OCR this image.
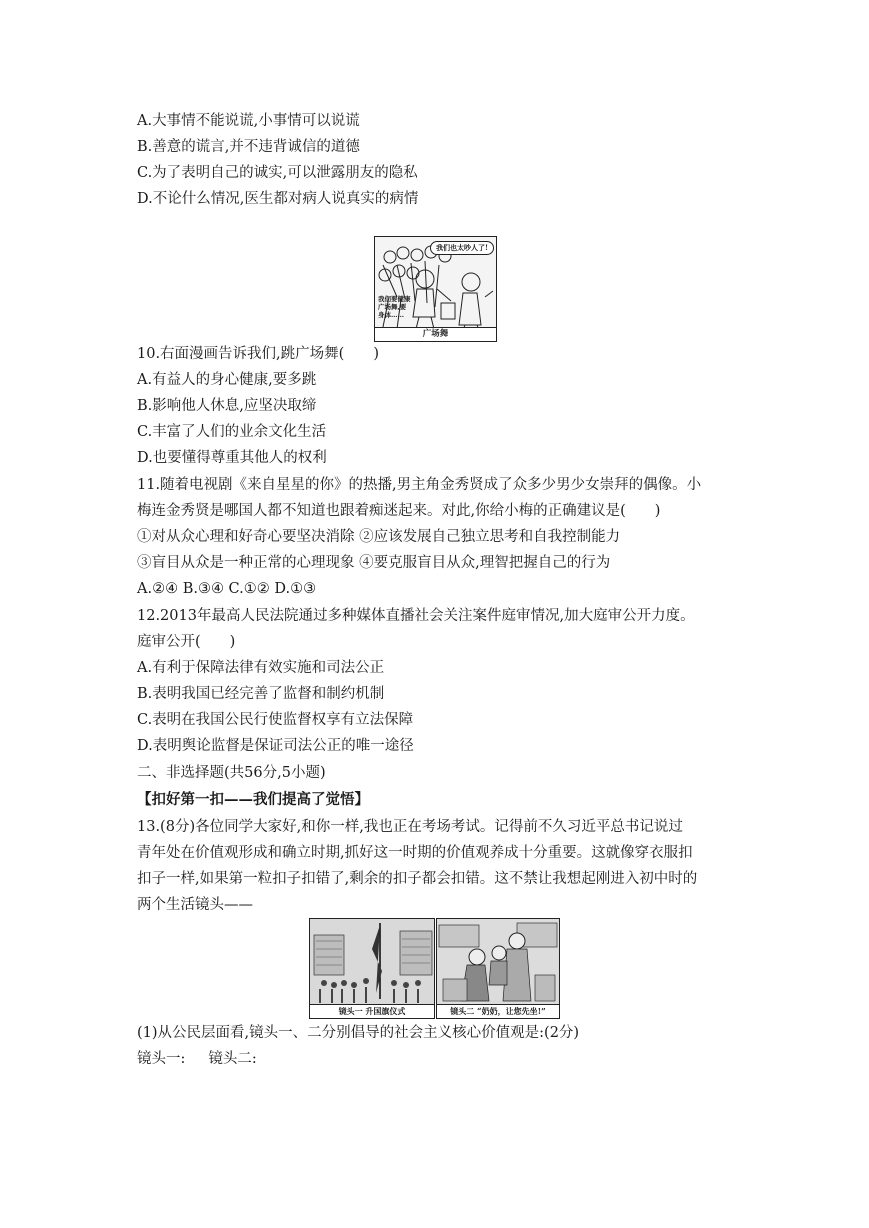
A.大事情不能说谎,小事情可以说谎
B.善意的谎言,并不违背诚信的道德
C.为了表明自己的诚实,可以泄露朋友的隐私
D.不论什么情况,医生都对病人说真实的病情
我们也太吵人了!
我们要健康广场舞,要身体……
广场舞
10.右面漫画告诉我们,跳广场舞(　　)
A.有益人的身心健康,要多跳
B.影响他人休息,应坚决取缔
C.丰富了人们的业余文化生活
D.也要懂得尊重其他人的权利
11.随着电视剧《来自星星的你》的热播,男主角金秀贤成了众多少男少女崇拜的偶像。小
梅连金秀贤是哪国人都不知道也跟着痴迷起来。对此,你给小梅的正确建议是(　　)
①对从众心理和好奇心要坚决消除 ②应该发展自己独立思考和自我控制能力
③盲目从众是一种正常的心理现象 ④要克服盲目从众,理智把握自己的行为
A.②④ B.③④ C.①② D.①③
12.2013年最高人民法院通过多种媒体直播社会关注案件庭审情况,加大庭审公开力度。
庭审公开(　　)
A.有利于保障法律有效实施和司法公正
B.表明我国已经完善了监督和制约机制
C.表明在我国公民行使监督权享有立法保障
D.表明舆论监督是保证司法公正的唯一途径
二、非选择题(共56分,5小题)
【扣好第一扣——我们提高了觉悟】
13.(8分)各位同学大家好,和你一样,我也正在考场考试。记得前不久习近平总书记说过
青年处在价值观形成和确立时期,抓好这一时期的价值观养成十分重要。这就像穿衣服扣
扣子一样,如果第一粒扣子扣错了,剩余的扣子都会扣错。这不禁让我想起刚进入初中时的
两个生活镜头——
镜头一 升国旗仪式	镜头二 “奶奶，让您先坐!”
(1)从公民层面看,镜头一、二分别倡导的社会主义核心价值观是:(2分)
镜头一:     镜头二:
